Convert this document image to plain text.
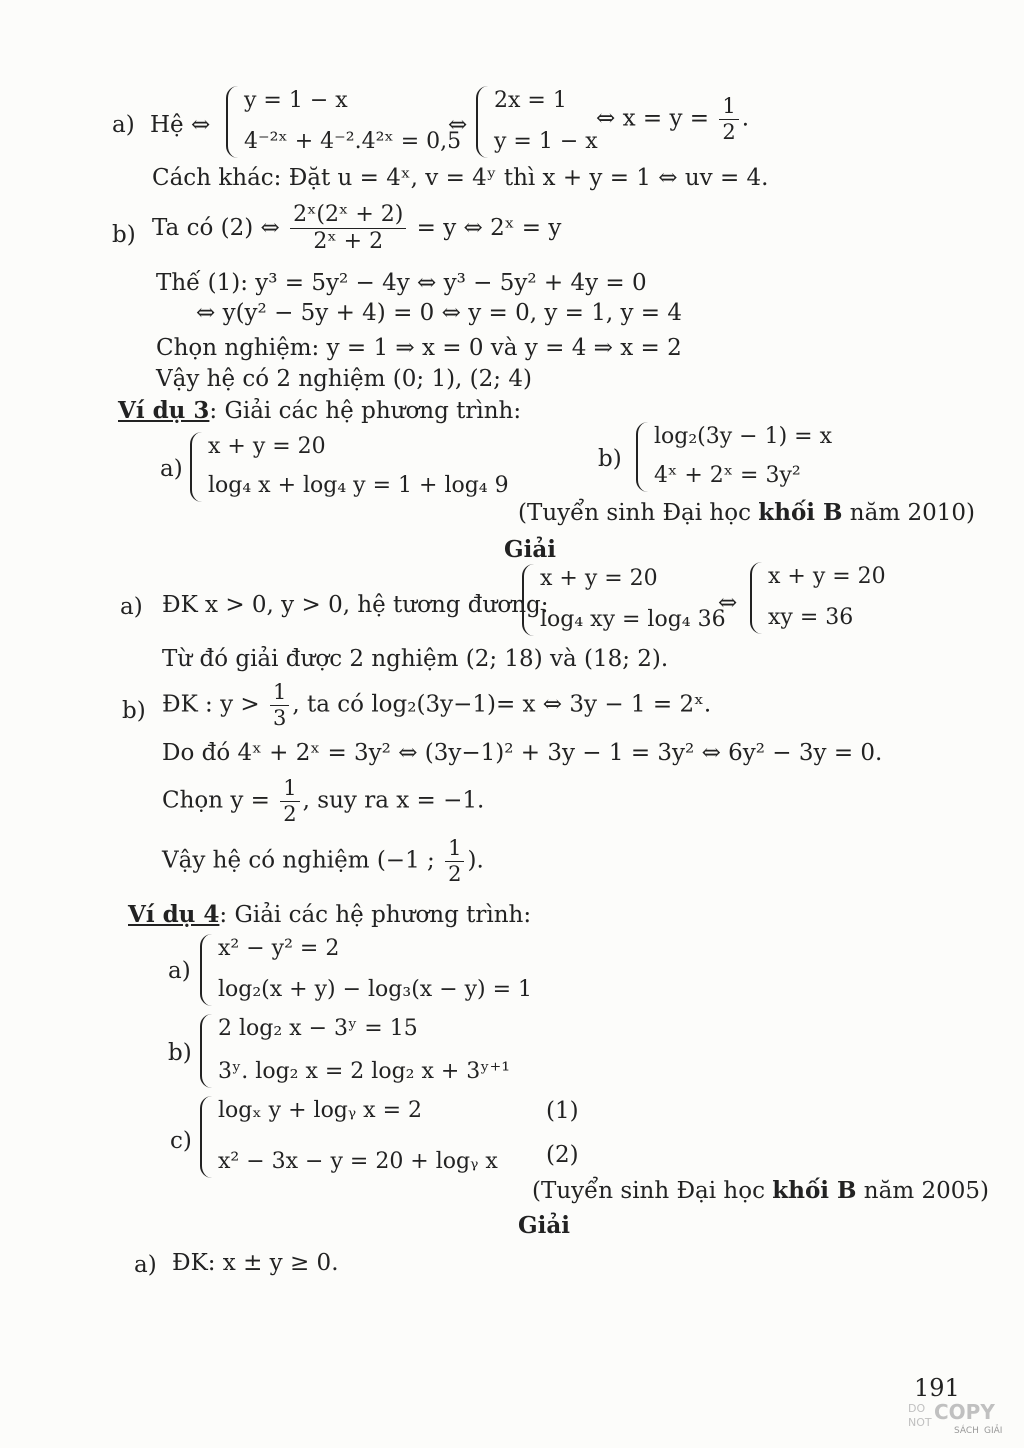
a) Hệ ⇔
y = 1 − x
4⁻²ˣ + 4⁻².4²ˣ = 0,5
⇔
2x = 1
y = 1 − x
⇔ $x = y = \frac{1}{2}$ .
Cách khác: Đặt u = 4ˣ, v = 4ʸ thì x + y = 1 ⇔ uv = 4.
b) Ta có (2) ⇔ $\frac{\text{2ˣ(2ˣ + 2)}}{\text{2ˣ + 2}} = y$ ⇔ 2ˣ = y
Thế (1): y³ = 5y² − 4y ⇔ y³ − 5y² + 4y = 0
⇔ y(y² − 5y + 4) = 0 ⇔ y = 0, y = 1, y = 4
Chọn nghiệm: y = 1 ⇒ x = 0 và y = 4 ⇒ x = 2
Vậy hệ có 2 nghiệm (0; 1), (2; 4)
Ví dụ 3: Giải các hệ phương trình:
a)
x + y = 20
log₄ x + log₄ y = 1 + log₄ 9
b)
log₂(3y − 1) = x
4ˣ + 2ˣ = 3y²
(Tuyển sinh Đại học khối B năm 2010)
Giải
a) ĐK x > 0, y > 0, hệ tương đương:
x + y = 20
log₄ xy = log₄ 36
⇔
x + y = 20
xy = 36
Từ đó giải được 2 nghiệm (2; 18) và (18; 2).
b) ĐK : $y > \frac{1}{3}$ , ta có log₂(3y−1)= x ⇔ 3y − 1 = 2ˣ.
Do đó 4ˣ + 2ˣ = 3y² ⇔ (3y−1)² + 3y − 1 = 3y² ⇔ 6y² − 3y = 0.
Chọn $y = \frac{1}{2}$ , suy ra x = −1.
Vậy hệ có nghiệm (−1 ; $\frac{1}{2}$ ).
Ví dụ 4: Giải các hệ phương trình:
a)
x² − y² = 2
log₂(x + y) − log₃(x − y) = 1
b)
2 log₂ x − 3ʸ = 15
3ʸ. log₂ x = 2 log₂ x + 3ʸ⁺¹
c)
logₓ y + logᵧ x = 2
x² − 3x − y = 20 + logᵧ x
(1)
(2)
(Tuyển sinh Đại học khối B năm 2005)
Giải
a) ĐK: x ± y ≥ 0.
191
DO
NOT COPY
SÁCH GIẢI
